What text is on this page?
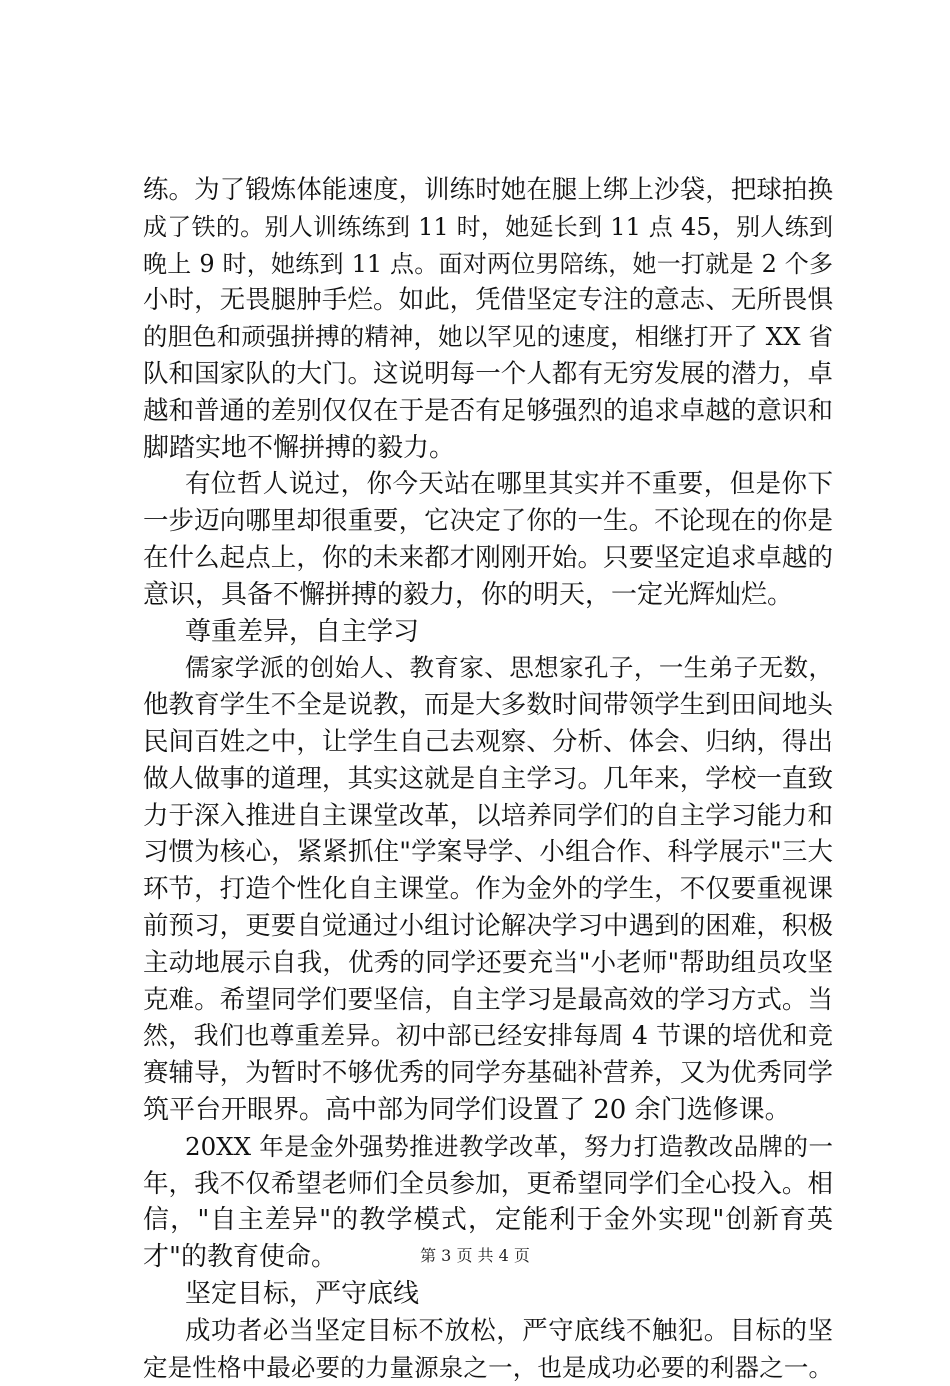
练。为了锻炼体能速度，训练时她在腿上绑上沙袋，把球拍换
成了铁的。别人训练练到 11 时，她延长到 11 点 45，别人练到
晚上 9 时，她练到 11 点。面对两位男陪练，她一打就是 2 个多
小时，无畏腿肿手烂。如此，凭借坚定专注的意志、无所畏惧
的胆色和顽强拼搏的精神，她以罕见的速度，相继打开了 XX 省
队和国家队的大门。这说明每一个人都有无穷发展的潜力，卓
越和普通的差别仅仅在于是否有足够强烈的追求卓越的意识和
脚踏实地不懈拼搏的毅力。
有位哲人说过，你今天站在哪里其实并不重要，但是你下
一步迈向哪里却很重要，它决定了你的一生。不论现在的你是
在什么起点上，你的未来都才刚刚开始。只要坚定追求卓越的
意识，具备不懈拼搏的毅力，你的明天，一定光辉灿烂。
尊重差异，自主学习
儒家学派的创始人、教育家、思想家孔子，一生弟子无数，
他教育学生不全是说教，而是大多数时间带领学生到田间地头
民间百姓之中，让学生自己去观察、分析、体会、归纳，得出
做人做事的道理，其实这就是自主学习。几年来，学校一直致
力于深入推进自主课堂改革，以培养同学们的自主学习能力和
习惯为核心，紧紧抓住"学案导学、小组合作、科学展示"三大
环节，打造个性化自主课堂。作为金外的学生，不仅要重视课
前预习，更要自觉通过小组讨论解决学习中遇到的困难，积极
主动地展示自我，优秀的同学还要充当"小老师"帮助组员攻坚
克难。希望同学们要坚信，自主学习是最高效的学习方式。当
然，我们也尊重差异。初中部已经安排每周 4 节课的培优和竞
赛辅导，为暂时不够优秀的同学夯基础补营养，又为优秀同学
筑平台开眼界。高中部为同学们设置了 20 余门选修课。
20XX 年是金外强势推进教学改革，努力打造教改品牌的一
年，我不仅希望老师们全员参加，更希望同学们全心投入。相
信，"自主差异"的教学模式，定能利于金外实现"创新育英
才"的教育使命。
坚定目标，严守底线
成功者必当坚定目标不放松，严守底线不触犯。目标的坚
定是性格中最必要的力量源泉之一，也是成功必要的利器之一。
第 3 页 共 4 页
